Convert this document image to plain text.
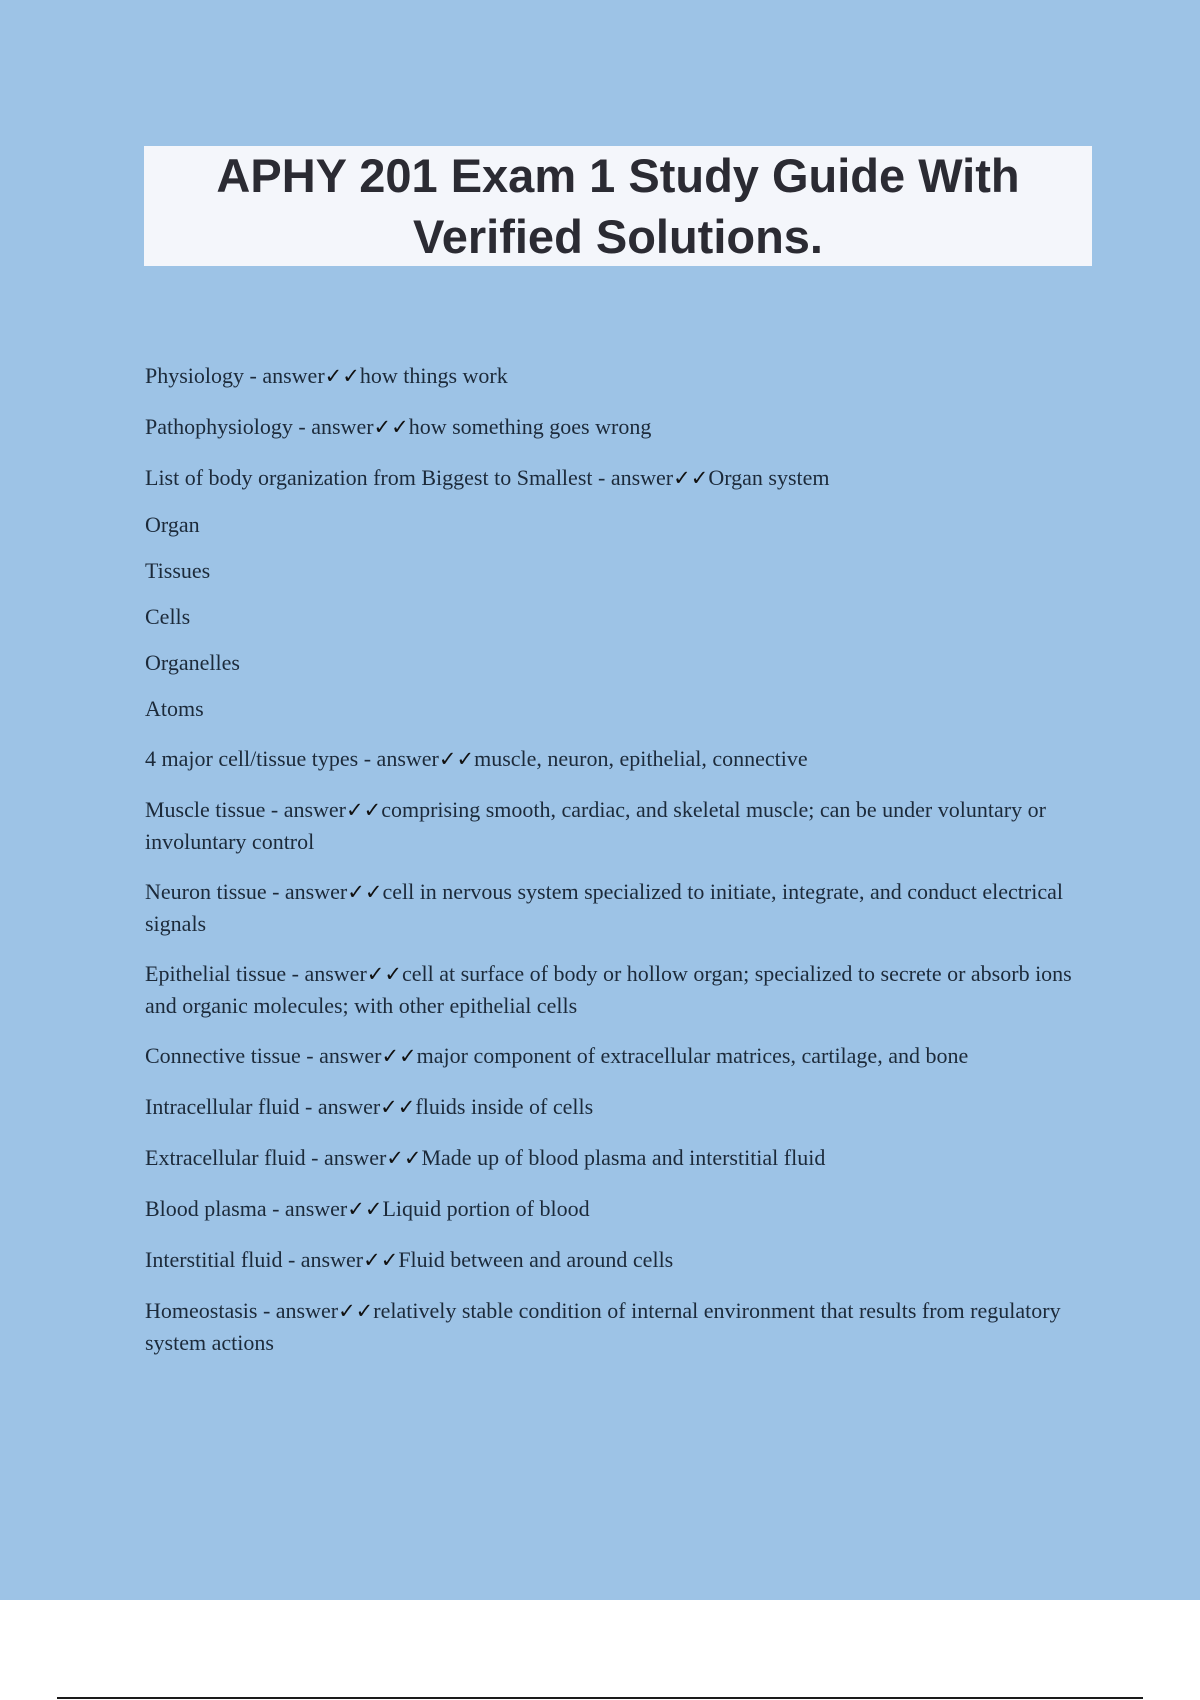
APHY 201 Exam 1 Study Guide With Verified Solutions.
Physiology - answer✓✓how things work
Pathophysiology - answer✓✓how something goes wrong
List of body organization from Biggest to Smallest - answer✓✓Organ system
Organ
Tissues
Cells
Organelles
Atoms
4 major cell/tissue types - answer✓✓muscle, neuron, epithelial, connective
Muscle tissue - answer✓✓comprising smooth, cardiac, and skeletal muscle; can be under voluntary or involuntary control
Neuron tissue - answer✓✓cell in nervous system specialized to initiate, integrate, and conduct electrical signals
Epithelial tissue - answer✓✓cell at surface of body or hollow organ; specialized to secrete or absorb ions and organic molecules; with other epithelial cells
Connective tissue - answer✓✓major component of extracellular matrices, cartilage, and bone
Intracellular fluid - answer✓✓fluids inside of cells
Extracellular fluid - answer✓✓Made up of blood plasma and interstitial fluid
Blood plasma - answer✓✓Liquid portion of blood
Interstitial fluid - answer✓✓Fluid between and around cells
Homeostasis - answer✓✓relatively stable condition of internal environment that results from regulatory system actions
